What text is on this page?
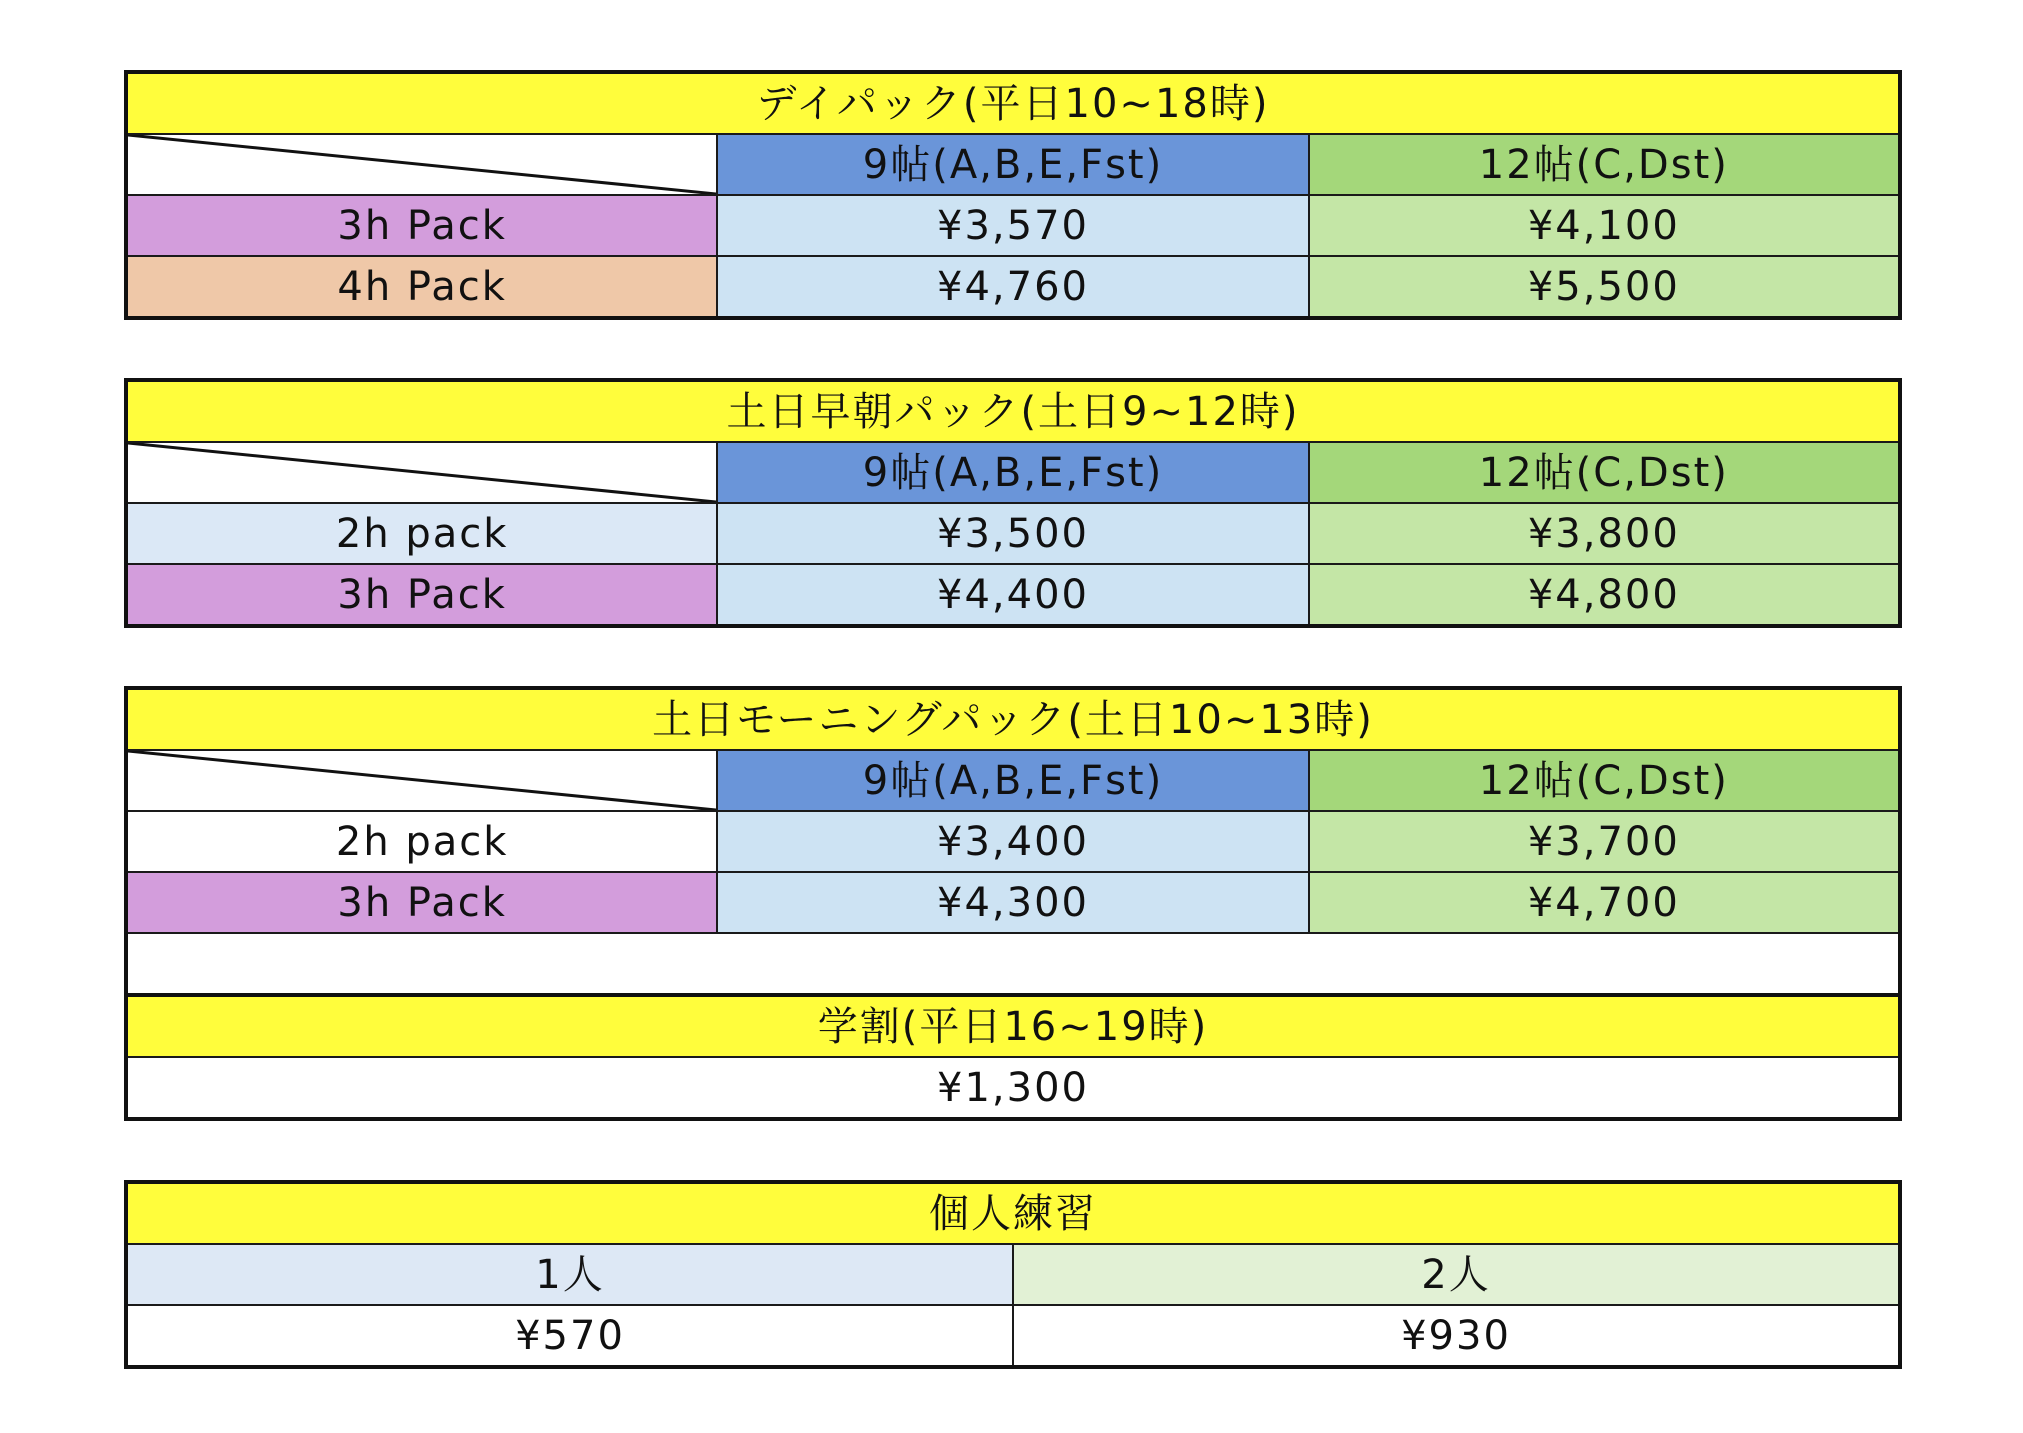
デイパック(平日10~18時)		

	9帖(A,B,E,Fst)	12帖(C,Dst)
3h Pack	¥3,570	¥4,100
4h Pack	¥4,760	¥5,500
土日早朝パック(土日9~12時)		

	9帖(A,B,E,Fst)	12帖(C,Dst)
2h pack	¥3,500	¥3,800
3h Pack	¥4,400	¥4,800
土日モーニングパック(土日10~13時)		

	9帖(A,B,E,Fst)	12帖(C,Dst)
2h pack	¥3,400	¥3,700
3h Pack	¥4,300	¥4,700

学割(平日16~19時)		
¥1,300		
個人練習	
1人	2人
¥570	¥930
